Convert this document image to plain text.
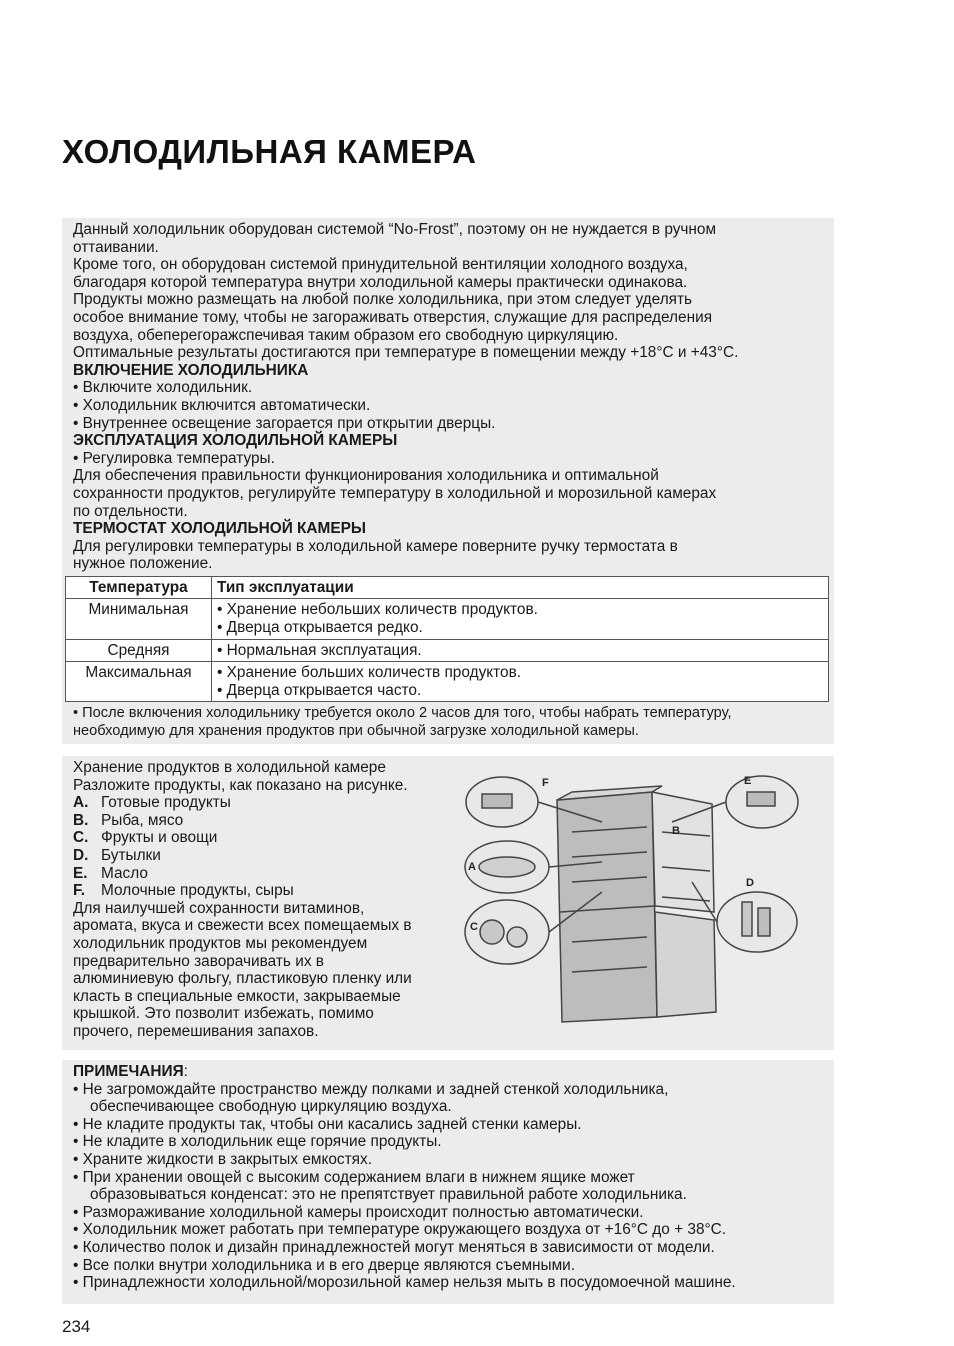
ХОЛОДИЛЬНАЯ КАМЕРА
Данный холодильник оборудован системой “No-Frost”, поэтому он не нуждается в ручном
оттаивании.
Кроме того, он оборудован системой принудительной вентиляции холодного воздуха,
благодаря которой температура внутри холодильной камеры практически одинакова.
Продукты можно размещать на любой полке холодильника, при этом следует уделять
особое внимание тому, чтобы не загораживать отверстия, служащие для распределения
воздуха, обеперегоражспечивая таким образом его свободную циркуляцию.
Оптимальные результаты достигаются при температуре в помещении между +18°C и +43°C.
ВКЛЮЧЕНИЕ ХОЛОДИЛЬНИКА
• Включите холодильник.
• Холодильник включится автоматически.
• Внутреннее освещение загорается при открытии дверцы.
ЭКСПЛУАТАЦИЯ ХОЛОДИЛЬНОЙ КАМЕРЫ
• Регулировка температуры.
Для обеспечения правильности функционирования холодильника и оптимальной
сохранности продуктов, регулируйте температуру в холодильной и морозильной камерах
по отдельности.
ТЕРМОСТАТ ХОЛОДИЛЬНОЙ КАМЕРЫ
Для регулировки температуры в холодильной камере поверните ручку термостата в
нужное положение.
Температура	Тип эксплуатации
Минимальная	• Хранение небольших количеств продуктов.
• Дверца открывается редко.

Средняя	• Нормальная эксплуатация.

Максимальная	• Хранение больших количеств продуктов.
• Дверца открывается часто.
• После включения холодильнику требуется около 2 часов для того, чтобы набрать температуру,
необходимую для хранения продуктов при обычной загрузке холодильной камеры.
Хранение продуктов в холодильной камере
Разложите продукты, как показано на рисунке.
A. Готовые продукты
B. Рыба, мясо
C. Фрукты и овощи
D. Бутылки
E. Масло
F. Молочные продукты, сыры
Для наилучшей сохранности витаминов,
аромата, вкуса и свежести всех помещаемых в
холодильник продуктов мы рекомендуем
предварительно заворачивать их в
алюминиевую фольгу, пластиковую пленку или
класть в специальные емкости, закрываемые
крышкой. Это позволит избежать, помимо
прочего, перемешивания запахов.
F	E
B
A
C
D
ПРИМЕЧАНИЯ:
• Не загромождайте пространство между полками и задней стенкой холодильника,
обеспечивающее свободную циркуляцию воздуха.
• Не кладите продукты так, чтобы они касались задней стенки камеры.
• Не кладите в холодильник еще горячие продукты.
• Храните жидкости в закрытых емкостях.
• При хранении овощей с высоким содержанием влаги в нижнем ящике может
образовываться конденсат: это не препятствует правильной работе холодильника.
• Размораживание холодильной камеры происходит полностью автоматически.
• Холодильник может работать при температуре окружающего воздуха от +16°C до + 38°C.
• Количество полок и дизайн принадлежностей могут меняться в зависимости от модели.
• Все полки внутри холодильника и в его дверце являются съемными.
• Принадлежности холодильной/морозильной камер нельзя мыть в посудомоечной машине.
234
